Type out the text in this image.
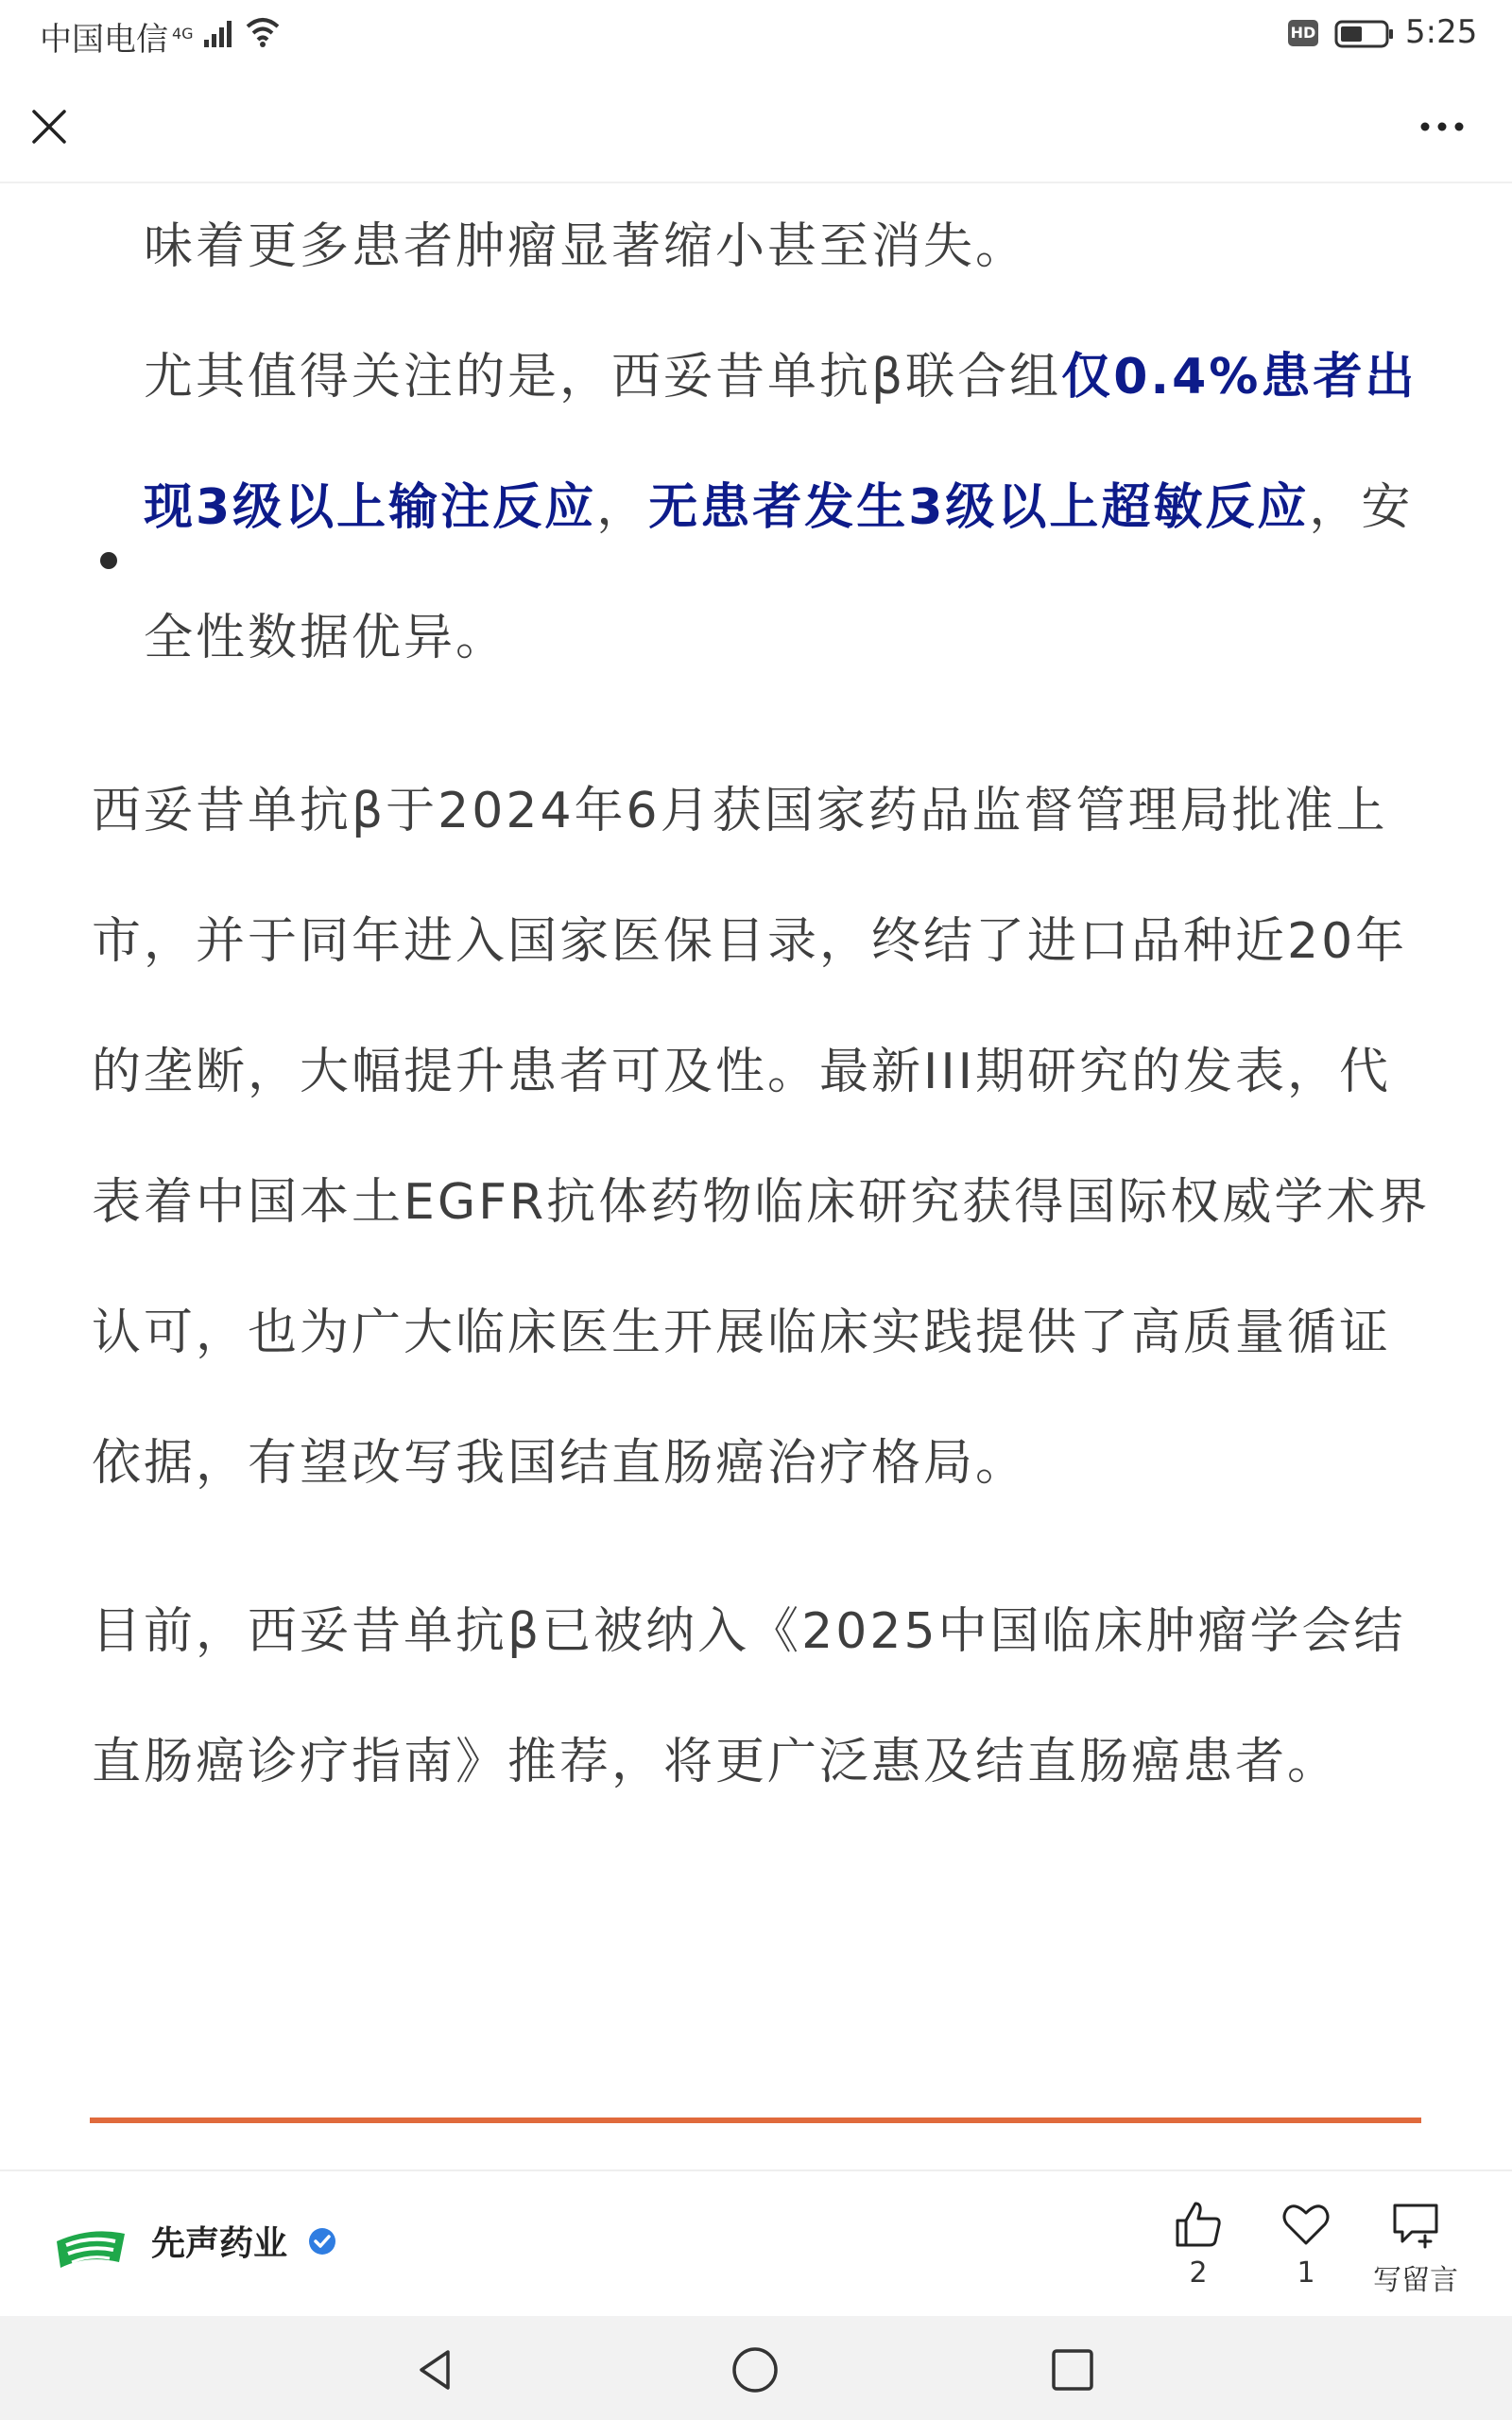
中国电信 $^{4G}$	HD	5:25

味着更多患者肿瘤显著缩小甚至消失。

尤其值得关注的是，西妥昔单抗β联合组仅0.4%患者出现3级以上输注反应，无患者发生3级以上超敏反应，安全性数据优异。

西妥昔单抗β于2024年6月获国家药品监督管理局批准上市，并于同年进入国家医保目录，终结了进口品种近20年的垄断，大幅提升患者可及性。最新III期研究的发表，代表着中国本土EGFR抗体药物临床研究获得国际权威学术界认可，也为广大临床医生开展临床实践提供了高质量循证依据，有望改写我国结直肠癌治疗格局。

目前，西妥昔单抗β已被纳入《2025中国临床肿瘤学会结直肠癌诊疗指南》推荐，将更广泛惠及结直肠癌患者。

先声药业
2	1	写留言
